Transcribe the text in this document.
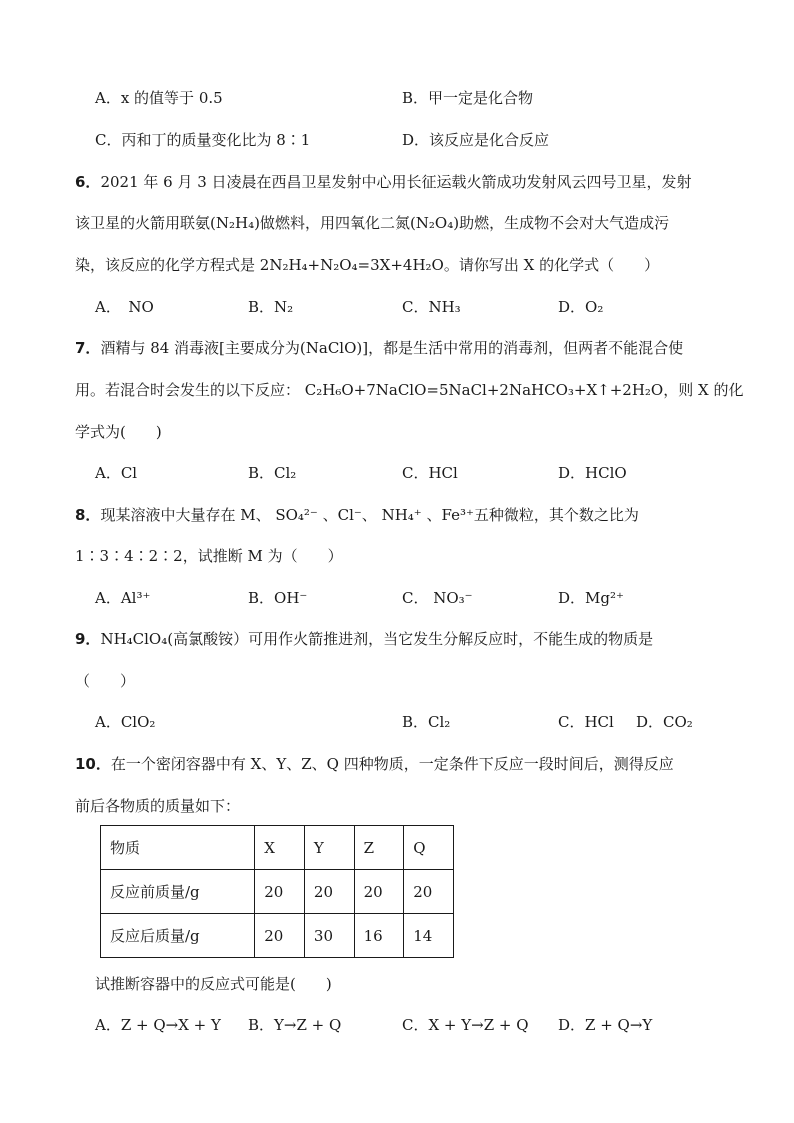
A．x 的值等于 0.5	B．甲一定是化合物
C．丙和丁的质量变化比为 8∶1	D．该反应是化合反应
6．2021 年 6 月 3 日凌晨在西昌卫星发射中心用长征运载火箭成功发射风云四号卫星，发射
该卫星的火箭用联氨(N₂H₄)做燃料，用四氧化二氮(N₂O₄)助燃，生成物不会对大气造成污
染，该反应的化学方程式是 2N₂H₄+N₂O₄=3X+4H₂O。请你写出 X 的化学式（　　）
A．　NO	B．N₂	C．NH₃	D．O₂
7．酒精与 84 消毒液[主要成分为(NaClO)]，都是生活中常用的消毒剂，但两者不能混合使
用。若混合时会发生的以下反应： C₂H₆O+7NaClO=5NaCl+2NaHCO₃+X↑+2H₂O，则 X 的化
学式为(　　)
A．Cl	B．Cl₂	C．HCl	D．HClO
8．现某溶液中大量存在 M、 SO₄²⁻ 、Cl⁻、 NH₄⁺ 、Fe³⁺五种微粒，其个数之比为
1∶3∶4∶2∶2，试推断 M 为（　　）
A．Al³⁺	B．OH⁻	C． NO₃⁻	D．Mg²⁺
9．NH₄ClO₄(高氯酸铵）可用作火箭推进剂，当它发生分解反应时，不能生成的物质是
（　　）
A．ClO₂	B．Cl₂	C．HCl D．CO₂
10．在一个密闭容器中有 X、Y、Z、Q 四种物质，一定条件下反应一段时间后，测得反应
前后各物质的质量如下：
物质	X	Y	Z	Q
反应前质量/g	20	20	20	20
反应后质量/g	20	30	16	14
试推断容器中的反应式可能是(　　)
A．Z + Q→X + Y B．Y→Z + Q	C．X + Y→Z + Q D．Z + Q→Y
